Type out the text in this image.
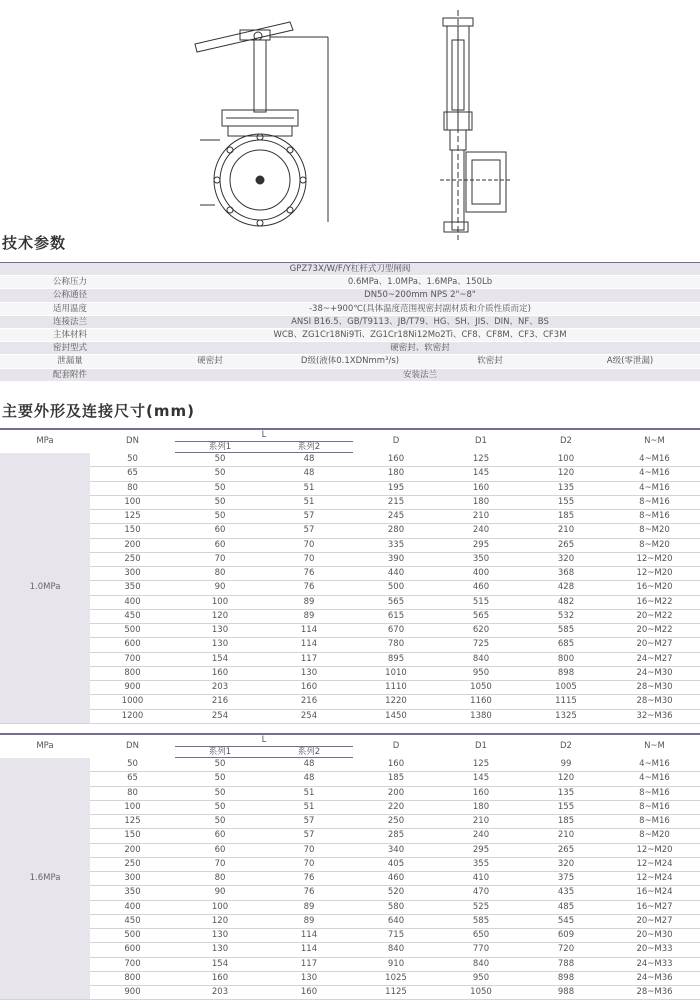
技术参数
GPZ73X/W/F/Y杠杆式刀型闸阀				
公称压力	0.6MPa、1.0MPa、1.6MPa、150Lb			
公称通径	DN50~200mm NPS 2"~8"			
适用温度	-38~+900℃(具体温度范围视密封副材质和介质性质而定)			
连接法兰	ANSI B16.5、GB/T9113、JB/T79、HG、SH、JIS、DIN、NF、BS			
主体材料	WCB、ZG1Cr18Ni9Ti、ZG1Cr18Ni12Mo2Ti、CF8、CF8M、CF3、CF3M			
密封型式	硬密封、软密封			
泄漏量	硬密封	D级(液体0.1XDNmm³/s)	软密封	A级(零泄漏)
配套附件	安装法兰			
主要外形及连接尺寸(mm)
MPa	DN	L		D	D1	D2	N~M
		系列1	系列2				
1.0MPa	50	50	48	160	125	100	4~M16
	65	50	48	180	145	120	4~M16
	80	50	51	195	160	135	4~M16
	100	50	51	215	180	155	8~M16
	125	50	57	245	210	185	8~M16
	150	60	57	280	240	210	8~M20
	200	60	70	335	295	265	8~M20
	250	70	70	390	350	320	12~M20
	300	80	76	440	400	368	12~M20
	350	90	76	500	460	428	16~M20
	400	100	89	565	515	482	16~M22
	450	120	89	615	565	532	20~M22
	500	130	114	670	620	585	20~M22
	600	130	114	780	725	685	20~M27
	700	154	117	895	840	800	24~M27
	800	160	130	1010	950	898	24~M30
	900	203	160	1110	1050	1005	28~M30
	1000	216	216	1220	1160	1115	28~M30
	1200	254	254	1450	1380	1325	32~M36
MPa	DN	L		D	D1	D2	N~M
		系列1	系列2				
1.6MPa	50	50	48	160	125	99	4~M16
	65	50	48	185	145	120	4~M16
	80	50	51	200	160	135	8~M16
	100	50	51	220	180	155	8~M16
	125	50	57	250	210	185	8~M16
	150	60	57	285	240	210	8~M20
	200	60	70	340	295	265	12~M20
	250	70	70	405	355	320	12~M24
	300	80	76	460	410	375	12~M24
	350	90	76	520	470	435	16~M24
	400	100	89	580	525	485	16~M27
	450	120	89	640	585	545	20~M27
	500	130	114	715	650	609	20~M30
	600	130	114	840	770	720	20~M33
	700	154	117	910	840	788	24~M33
	800	160	130	1025	950	898	24~M36
	900	203	160	1125	1050	988	28~M36
